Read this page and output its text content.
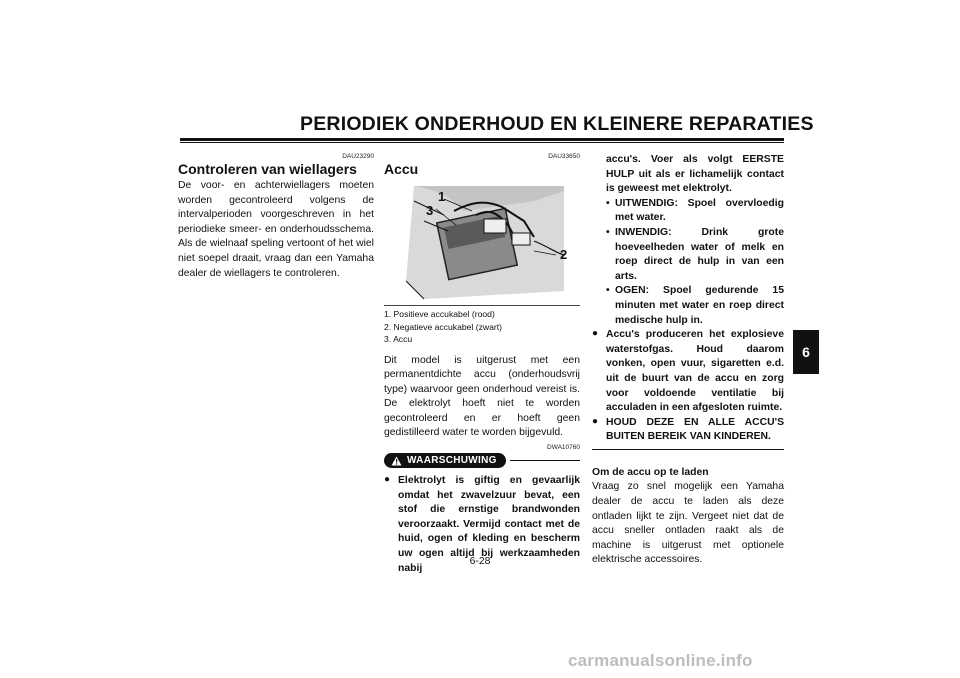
PERIODIEK ONDERHOUD EN KLEINERE REPARATIES
6
DAU23290
Controleren van wiellagers
De voor- en achterwiellagers moeten worden gecontroleerd volgens de intervalperioden voorgeschreven in het periodieke smeer- en onderhoudsschema. Als de wielnaaf speling vertoont of het wiel niet soepel draait, vraag dan een Yamaha dealer de wiellagers te controleren.
DAU33650
Accu
1
3
2
1. Positieve accukabel (rood)
2. Negatieve accukabel (zwart)
3. Accu
Dit model is uitgerust met een permanentdichte accu (onderhoudsvrij type) waarvoor geen onderhoud vereist is. De elektrolyt hoeft niet te worden gecontroleerd en er hoeft geen gedistilleerd water te worden bijgevuld.
DWA10760
WAARSCHUWING
● Elektrolyt is giftig en gevaarlijk omdat het zwavelzuur bevat, een stof die ernstige brandwonden veroorzaakt. Vermijd contact met de huid, ogen of kleding en bescherm uw ogen altijd bij werkzaamheden nabij
accu's. Voer als volgt EERSTE HULP uit als er lichamelijk contact is geweest met elektrolyt.
• UITWENDIG: Spoel overvloedig met water.
• INWENDIG: Drink grote hoeveelheden water of melk en roep direct de hulp in van een arts.
• OGEN: Spoel gedurende 15 minuten met water en roep direct medische hulp in.
● Accu's produceren het explosieve waterstofgas. Houd daarom vonken, open vuur, sigaretten e.d. uit de buurt van de accu en zorg voor voldoende ventilatie bij acculaden in een afgesloten ruimte.
● HOUD DEZE EN ALLE ACCU'S BUITEN BEREIK VAN KINDEREN.
Om de accu op te laden
Vraag zo snel mogelijk een Yamaha dealer de accu te laden als deze ontladen lijkt te zijn. Vergeet niet dat de accu sneller ontladen raakt als de machine is uitgerust met optionele elektrische accessoires.
6-28
carmanualsonline.info
